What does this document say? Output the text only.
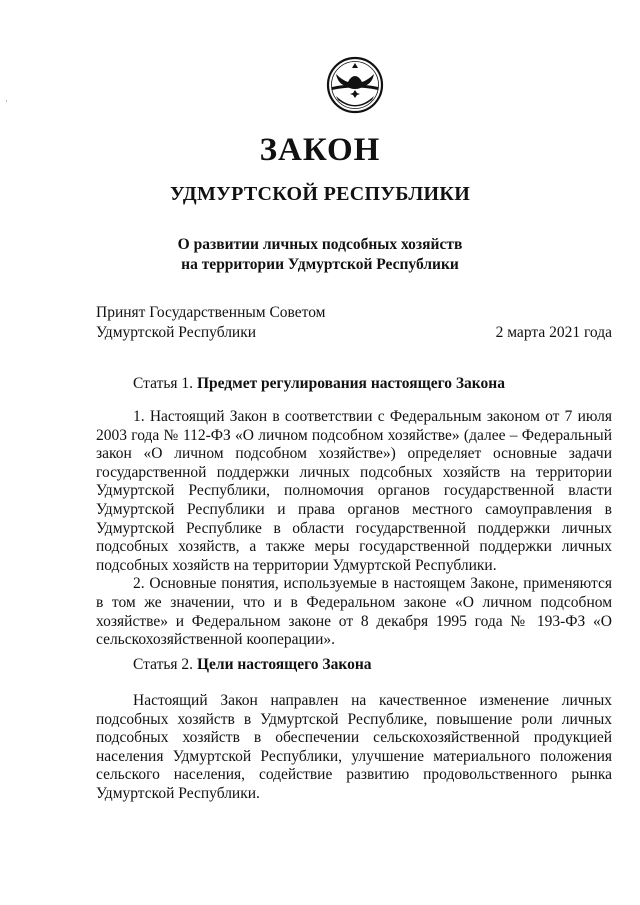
ЗАКОН
УДМУРТСКОЙ РЕСПУБЛИКИ
О развитии личных подсобных хозяйств
на территории Удмуртской Республики
Принят Государственным Советом
Удмуртской Республики	2 марта 2021 года
Статья 1. Предмет регулирования настоящего Закона

1. Настоящий Закон в соответствии с Федеральным законом от 7 июля 2003 года № 112-ФЗ «О личном подсобном хозяйстве» (далее – Федеральный закон «О личном подсобном хозяйстве») определяет основные задачи государственной поддержки личных подсобных хозяйств на территории Удмуртской Республики, полномочия органов государственной власти Удмуртской Республики и права органов местного самоуправления в Удмуртской Республике в области государственной поддержки личных подсобных хозяйств, а также меры государственной поддержки личных подсобных хозяйств на территории Удмуртской Республики.

2. Основные понятия, используемые в настоящем Законе, применяются в том же значении, что и в Федеральном законе «О личном подсобном хозяйстве» и Федеральном законе от 8 декабря 1995 года № 193-ФЗ «О сельскохозяйственной кооперации».

Статья 2. Цели настоящего Закона

Настоящий Закон направлен на качественное изменение личных подсобных хозяйств в Удмуртской Республике, повышение роли личных подсобных хозяйств в обеспечении сельскохозяйственной продукцией населения Удмуртской Республики, улучшение материального положения сельского населения, содействие развитию продовольственного рынка Удмуртской Республики.
